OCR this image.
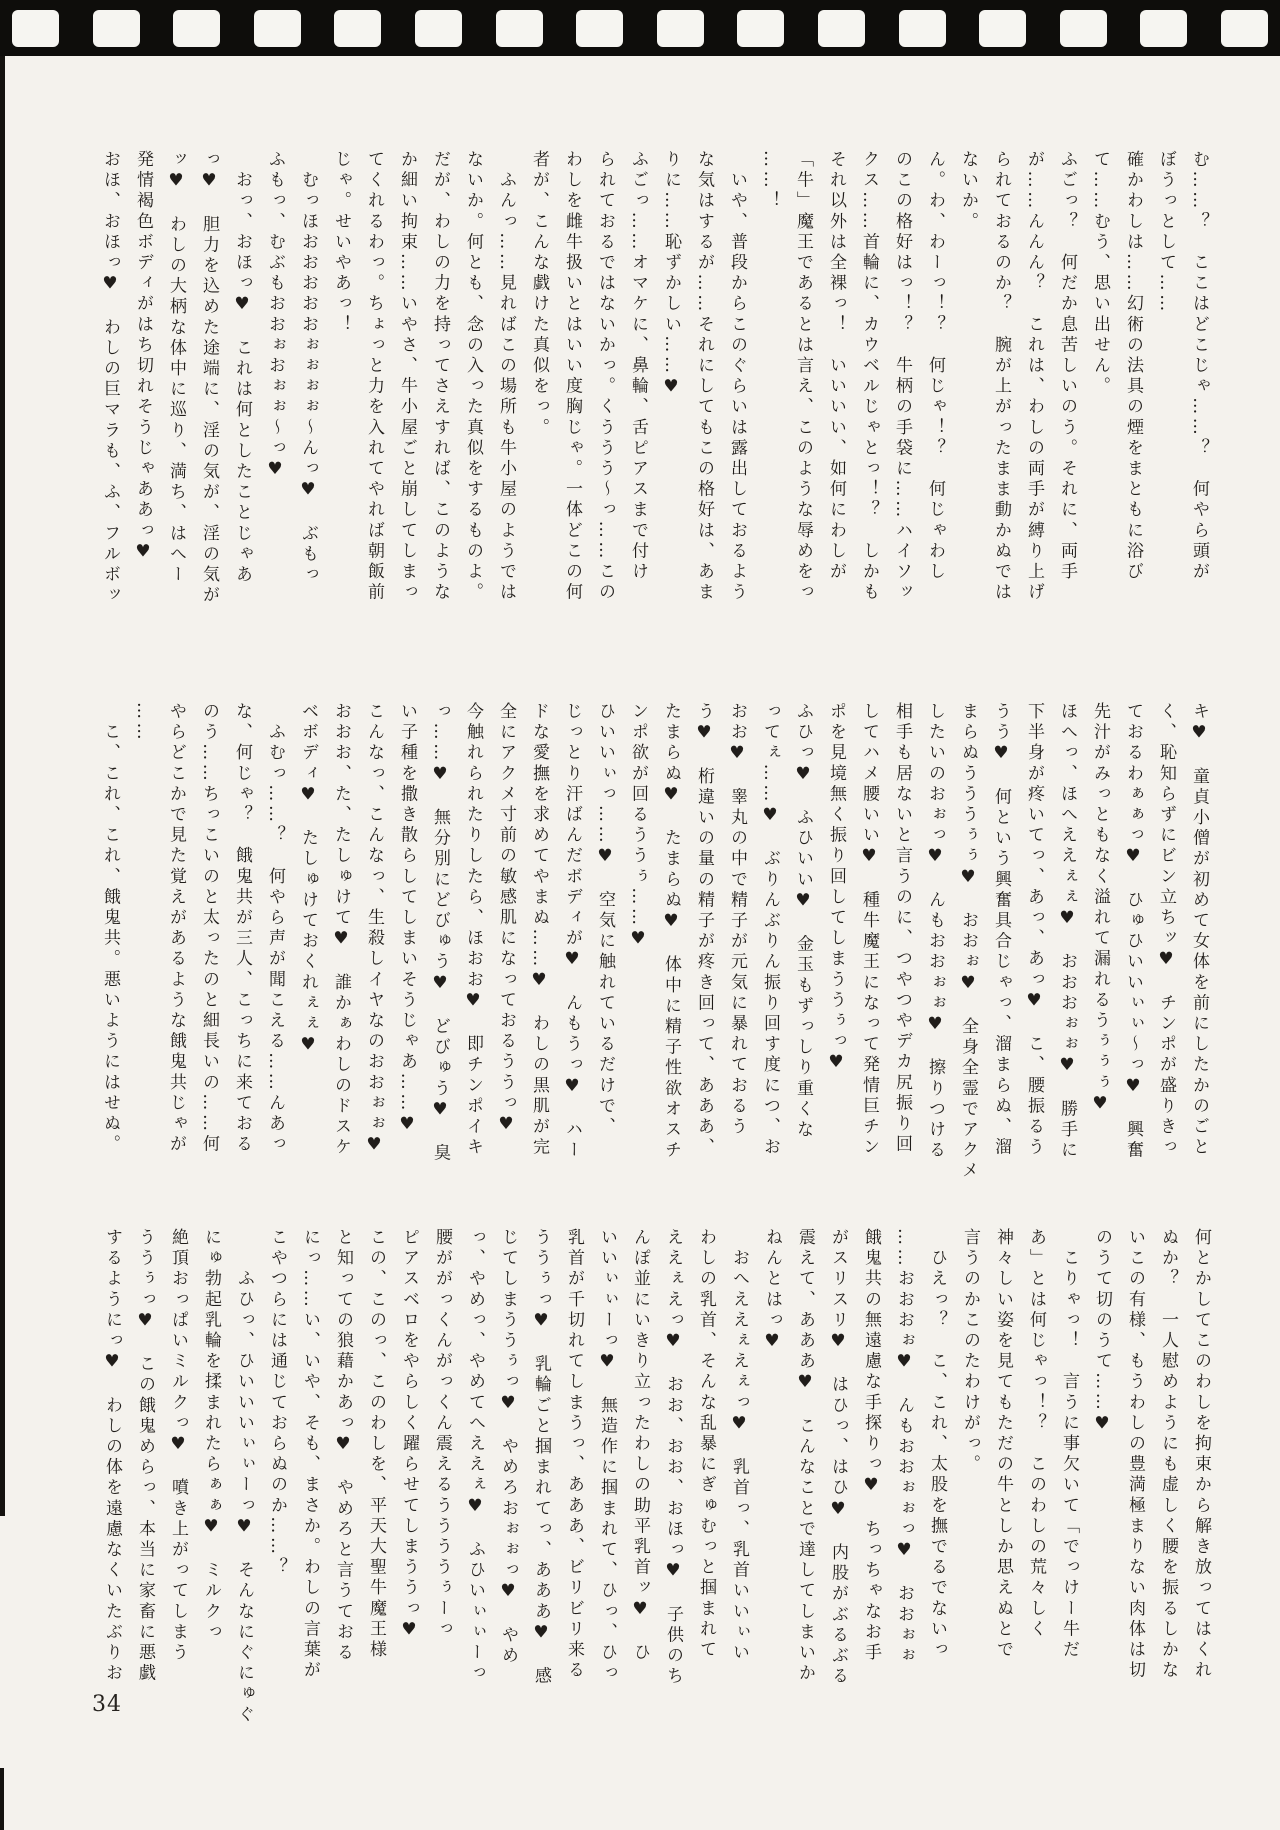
む……？　ここはどこじゃ……？　何やら頭が

ぼうっとして……

確かわしは……幻術の法具の煙をまともに浴び

て……むう、思い出せん。

ふごっ？　何だか息苦しいのう。それに、両手

が……んんん？　これは、わしの両手が縛り上げ

られておるのか？　腕が上がったまま動かぬでは

ないか。

ん。わ、わーっ！？　何じゃ！？　何じゃわし

のこの格好はっ！？　牛柄の手袋に……ハイソッ

クス……首輪に、カウベルじゃとっ！？　しかも

それ以外は全裸っ！　いいいい、如何にわしが

「牛」魔王であるとは言え、このような辱めをっ

……！

　いや、普段からこのぐらいは露出しておるよう

な気はするが……それにしてもこの格好は、あま

りに……恥ずかしい……♥

ふごっ……オマケに、鼻輪、舌ピアスまで付け

られておるではないかっ。くううう〜っ……この

わしを雌牛扱いとはいい度胸じゃ。一体どこの何

者が、こんな戯けた真似をっ。

　ふんっ……見ればこの場所も牛小屋のようでは

ないか。何とも、念の入った真似をするものよ。

だが、わしの力を持ってさえすれば、このような

か細い拘束……いやさ、牛小屋ごと崩してしまっ

てくれるわっ。ちょっと力を入れてやれば朝飯前

じゃ。せいやあっ！

　むっほおおおおおぉぉぉぉ〜んっ♥　ぶもっ

ふもっ、むぶもおおぉおぉぉ〜っ♥

　おっ、おほっ♥　これは何としたことじゃあ

っ♥　胆力を込めた途端に、淫の気が、淫の気が

ッ♥　わしの大柄な体中に巡り、満ち、はへー

発情褐色ボディがはち切れそうじゃああっ♥

おほ、おほっ♥　わしの巨マラも、ふ、フルボッ

キ♥　童貞小僧が初めて女体を前にしたかのごと

く、恥知らずにビン立ちッ♥　チンポが盛りきっ

ておるわぁぁっ♥　ひゅひいいぃぃ〜っ♥　興奮

先汁がみっともなく溢れて漏れるうぅぅぅ♥

ほへっ、ほへええぇぇ♥　おおおぉぉ♥　勝手に

下半身が疼いてっ、あっ、あっ♥　こ、腰振るう

うう♥　何という興奮具合じゃっ、溜まらぬ、溜

まらぬうううぅぅ♥　おおぉ♥　全身全霊でアクメ

したいのおぉっ♥　んもおおぉぉ♥　擦りつける

相手も居ないと言うのに、つやつやデカ尻振り回

してハメ腰いい♥　種牛魔王になって発情巨チン

ポを見境無く振り回してしまううぅっ♥

ふひっ♥　ふひいい♥　金玉もずっしり重くな

ってぇ……♥　ぶりんぶりん振り回す度につ、お

おお♥　睾丸の中で精子が元気に暴れておるう

う♥　桁違いの量の精子が疼き回って、あああ、

たまらぬ♥　たまらぬ♥　体中に精子性欲オスチ

ンポ欲が回るううぅ……♥

ひいいぃっ……♥　空気に触れているだけで、

じっとり汗ばんだボディが♥　んもうっ♥　ハー

ドな愛撫を求めてやまぬ……♥　わしの黒肌が完

全にアクメ寸前の敏感肌になっておるううっ♥

今触れられたりしたら、ほおお♥　即チンポイキ

っ……♥　無分別にどびゅう♥　どびゅう♥　臭

い子種を撒き散らしてしまいそうじゃあ……♥

こんなっ、こんなっ、生殺しイヤなのおおぉぉ♥

おおお、た、たしゅけて♥　誰かぁわしのドスケ

ベボディ♥　たしゅけておくれぇぇ♥

　ふむっ……？　何やら声が聞こえる……んあっ

な、何じゃ？　餓鬼共が三人、こっちに来ておる

のう……ちっこいのと太ったのと細長いの……何

やらどこかで見た覚えがあるような餓鬼共じゃが

……

　こ、これ、これ、餓鬼共。悪いようにはせぬ。

何とかしてこのわしを拘束から解き放ってはくれ

ぬか？　一人慰めようにも虚しく腰を振るしかな

いこの有様、もうわしの豊満極まりない肉体は切

のうて切のうて……♥

　こりゃっ！　言うに事欠いて「でっけー牛だ

あ」とは何じゃっ！？　このわしの荒々しく

神々しい姿を見てもただの牛としか思えぬとで

言うのかこのたわけがっ。

　ひえっ？　こ、これ、太股を撫でるでないっ

……おおおぉ♥　んもおおぉぉっ♥　おおぉぉ

餓鬼共の無遠慮な手探りっ♥　ちっちゃなお手

がスリスリ♥　はひっ、はひ♥　内股がぶるぶる

震えて、あああ♥　こんなことで達してしまいか

ねんとはっ♥

　おへええぇえぇっ♥　乳首っ、乳首いいぃい

わしの乳首、そんな乱暴にぎゅむっと掴まれて

ええぇえっ♥　おお、おお、おほっ♥　子供のち

んぽ並にいきり立ったわしの助平乳首ッ♥　ひ

いいぃぃーっ♥　無造作に掴まれて、ひっ、ひっ

乳首が千切れてしまうっ、あああ、ビリビリ来る

ううぅっ♥　乳輪ごと掴まれてっ、あああ♥　感

じてしまううぅっ♥　やめろおぉぉっ♥　やめ

っ、やめっ、やめてへええぇ♥　ふひいぃぃーっ

腰ががっくんがっくん震えるううううぅーっ

ピアスベロをやらしく躍らせてしまううっ♥

この、このっ、このわしを、平天大聖牛魔王様

と知っての狼藉かあっ♥　やめろと言うておる

にっ……い、いや、そも、まさか。わしの言葉が

こやつらには通じておらぬのか……？

　　ふひっ、ひいいいぃぃーっ♥　そんなにぐにゅぐ

にゅ勃起乳輪を揉まれたらぁぁ♥　ミルクっ

絶頂おっぱいミルクっ♥　噴き上がってしまう

ううぅっ♥　この餓鬼めらっ、本当に家畜に悪戯

するようにっ♥　わしの体を遠慮なくいたぶりお

34
